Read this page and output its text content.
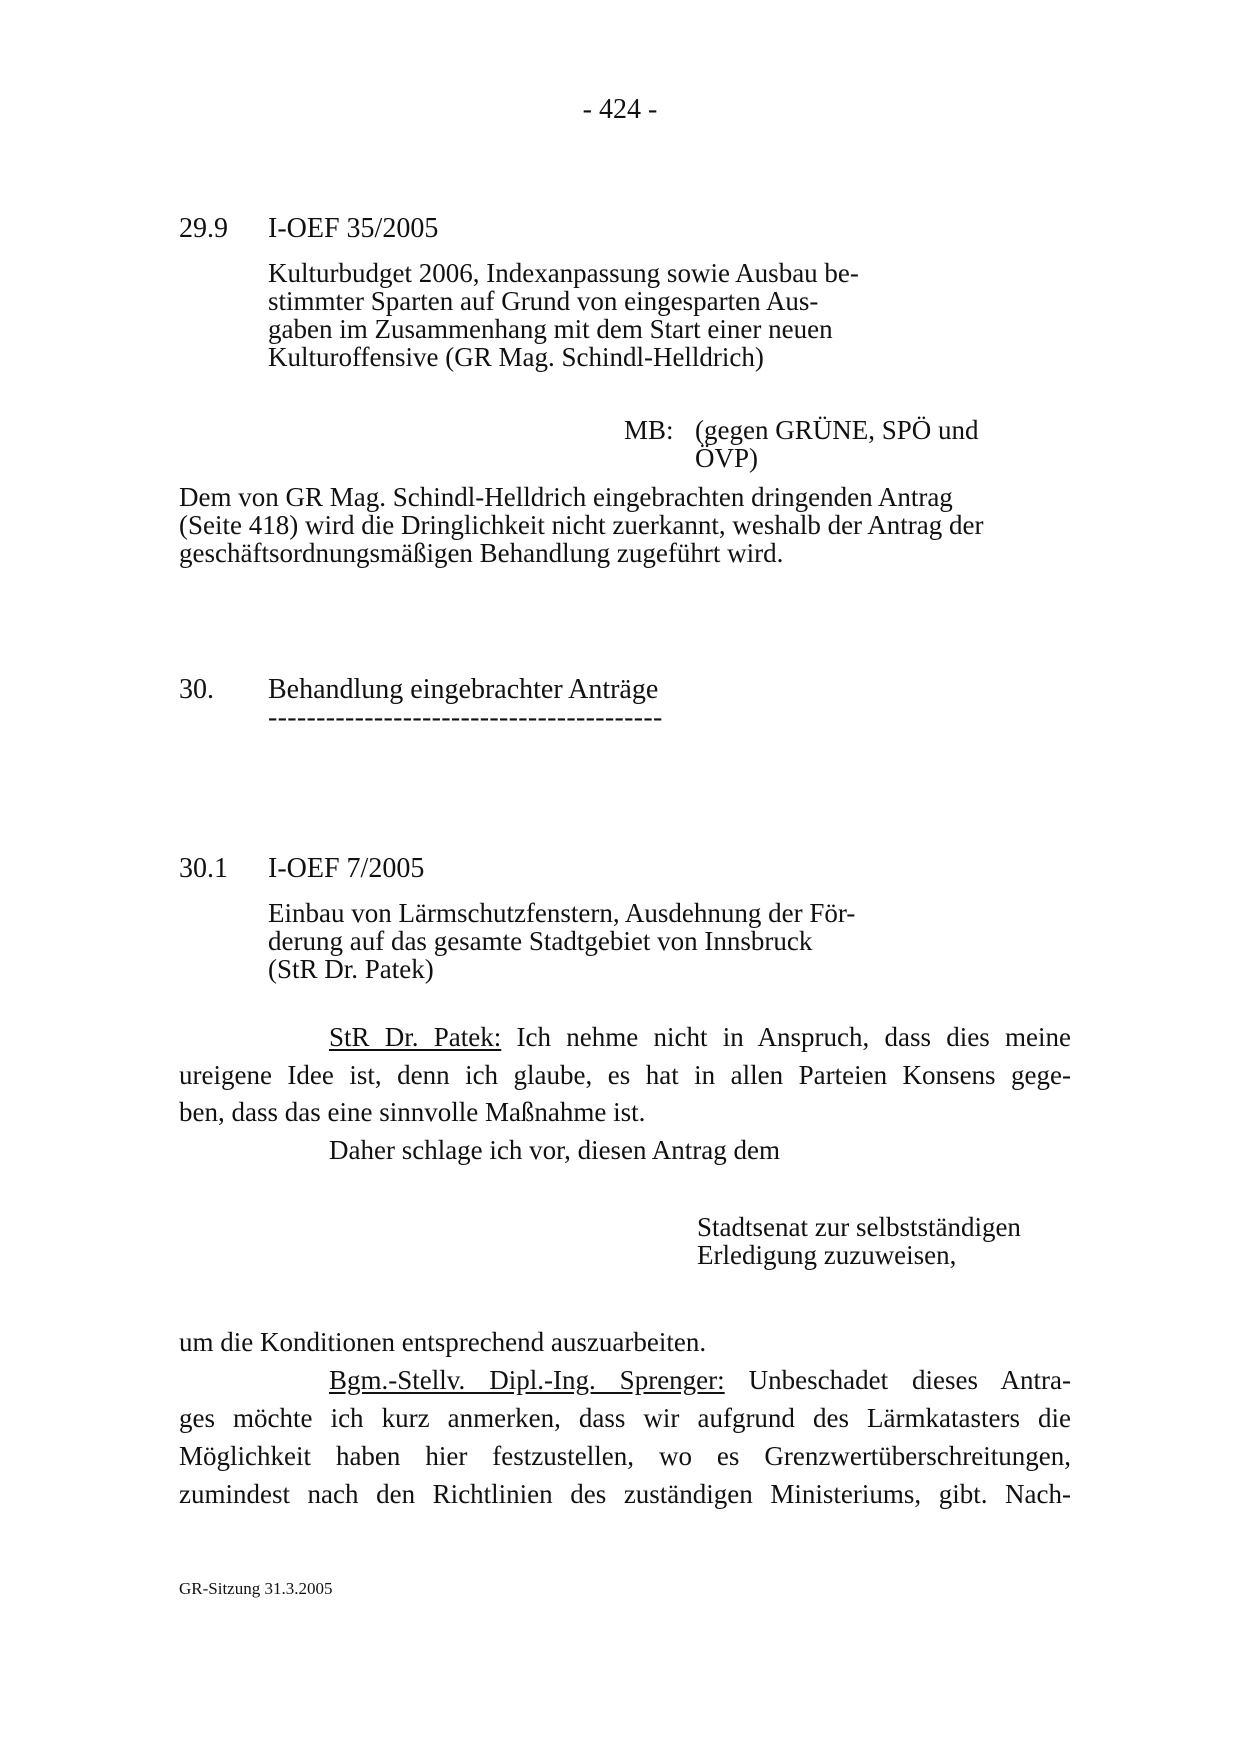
- 424 -
29.9 I-OEF 35/2005
Kulturbudget 2006, Indexanpassung sowie Ausbau be-
stimmter Sparten auf Grund von eingesparten Aus-
gaben im Zusammenhang mit dem Start einer neuen
Kulturoffensive (GR Mag. Schindl-Helldrich)
MB: (gegen GRÜNE, SPÖ und
ÖVP)
Dem von GR Mag. Schindl-Helldrich eingebrachten dringenden Antrag
(Seite 418) wird die Dringlichkeit nicht zuerkannt, weshalb der Antrag der
geschäftsordnungsmäßigen Behandlung zugeführt wird.
30. Behandlung eingebrachter Anträge
-----------------------------------------
30.1 I-OEF 7/2005
Einbau von Lärmschutzfenstern, Ausdehnung der För-
derung auf das gesamte Stadtgebiet von Innsbruck
(StR Dr. Patek)
StR Dr. Patek: Ich nehme nicht in Anspruch, dass dies meine
ureigene Idee ist, denn ich glaube, es hat in allen Parteien Konsens gege-
ben, dass das eine sinnvolle Maßnahme ist.
Daher schlage ich vor, diesen Antrag dem
Stadtsenat zur selbstständigen
Erledigung zuzuweisen,
um die Konditionen entsprechend auszuarbeiten.
Bgm.-Stellv. Dipl.-Ing. Sprenger: Unbeschadet dieses Antra-
ges möchte ich kurz anmerken, dass wir aufgrund des Lärmkatasters die
Möglichkeit haben hier festzustellen, wo es Grenzwertüberschreitungen,
zumindest nach den Richtlinien des zuständigen Ministeriums, gibt. Nach-
GR-Sitzung 31.3.2005
